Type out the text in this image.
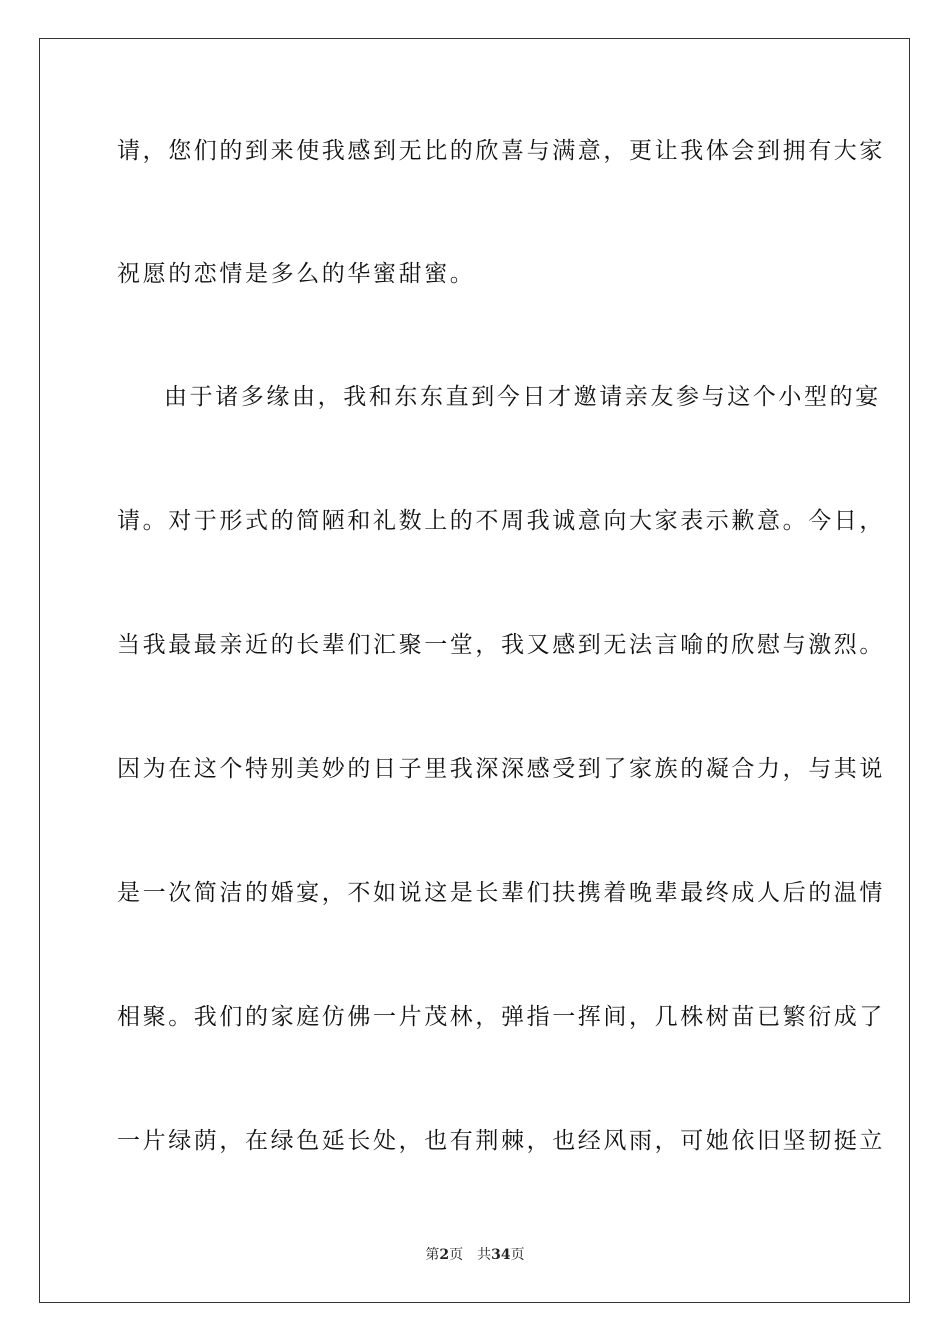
请，您们的到来使我感到无比的欣喜与满意，更让我体会到拥有大家
祝愿的恋情是多么的华蜜甜蜜。
由于诸多缘由，我和东东直到今日才邀请亲友参与这个小型的宴
请。对于形式的简陋和礼数上的不周我诚意向大家表示歉意。今日，
当我最最亲近的长辈们汇聚一堂，我又感到无法言喻的欣慰与激烈。
因为在这个特别美妙的日子里我深深感受到了家族的凝合力，与其说
是一次简洁的婚宴，不如说这是长辈们扶携着晚辈最终成人后的温情
相聚。我们的家庭仿佛一片茂林，弹指一挥间，几株树苗已繁衍成了
一片绿荫，在绿色延长处，也有荆棘，也经风雨，可她依旧坚韧挺立
第2页 共34页
